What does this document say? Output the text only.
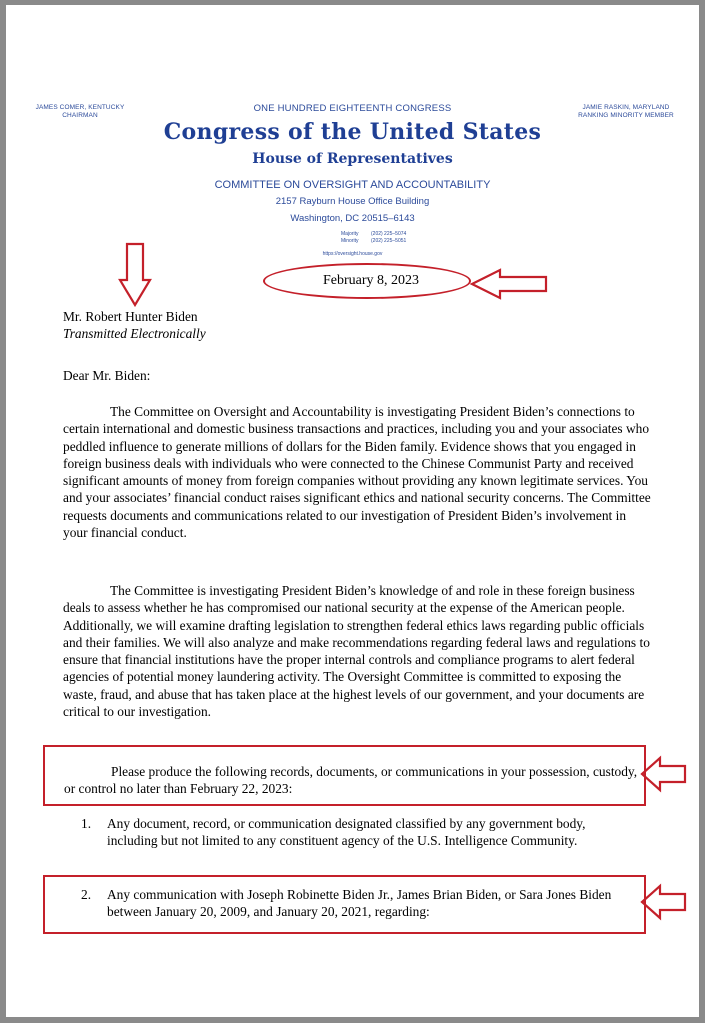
JAMES COMER, KENTUCKY
CHAIRMAN
JAMIE RASKIN, MARYLAND
RANKING MINORITY MEMBER
ONE HUNDRED EIGHTEENTH CONGRESS
Congress of the United States
House of Representatives
COMMITTEE ON OVERSIGHT AND ACCOUNTABILITY
2157 Rayburn House Office Building
Washington, DC 20515–6143
Majority (202) 225–5074
Minority (202) 225–5051
https://oversight.house.gov
February 8, 2023
Mr. Robert Hunter Biden
Transmitted Electronically
Dear Mr. Biden:
The Committee on Oversight and Accountability is investigating President Biden’s connections to certain international and domestic business transactions and practices, including you and your associates who peddled influence to generate millions of dollars for the Biden family. Evidence shows that you engaged in foreign business deals with individuals who were connected to the Chinese Communist Party and received significant amounts of money from foreign companies without providing any known legitimate services. You and your associates’ financial conduct raises significant ethics and national security concerns. The Committee requests documents and communications related to our investigation of President Biden’s involvement in your financial conduct.
The Committee is investigating President Biden’s knowledge of and role in these foreign business deals to assess whether he has compromised our national security at the expense of the American people. Additionally, we will examine drafting legislation to strengthen federal ethics laws regarding public officials and their families. We will also analyze and make recommendations regarding federal laws and regulations to ensure that financial institutions have the proper internal controls and compliance programs to alert federal agencies of potential money laundering activity. The Oversight Committee is committed to exposing the waste, fraud, and abuse that has taken place at the highest levels of our government, and your documents are critical to our investigation.
Please produce the following records, documents, or communications in your possession, custody, or control no later than February 22, 2023:
1.	Any document, record, or communication designated classified by any government body, including but not limited to any constituent agency of the U.S. Intelligence Community.
2.	Any communication with Joseph Robinette Biden Jr., James Brian Biden, or Sara Jones Biden between January 20, 2009, and January 20, 2021, regarding:
